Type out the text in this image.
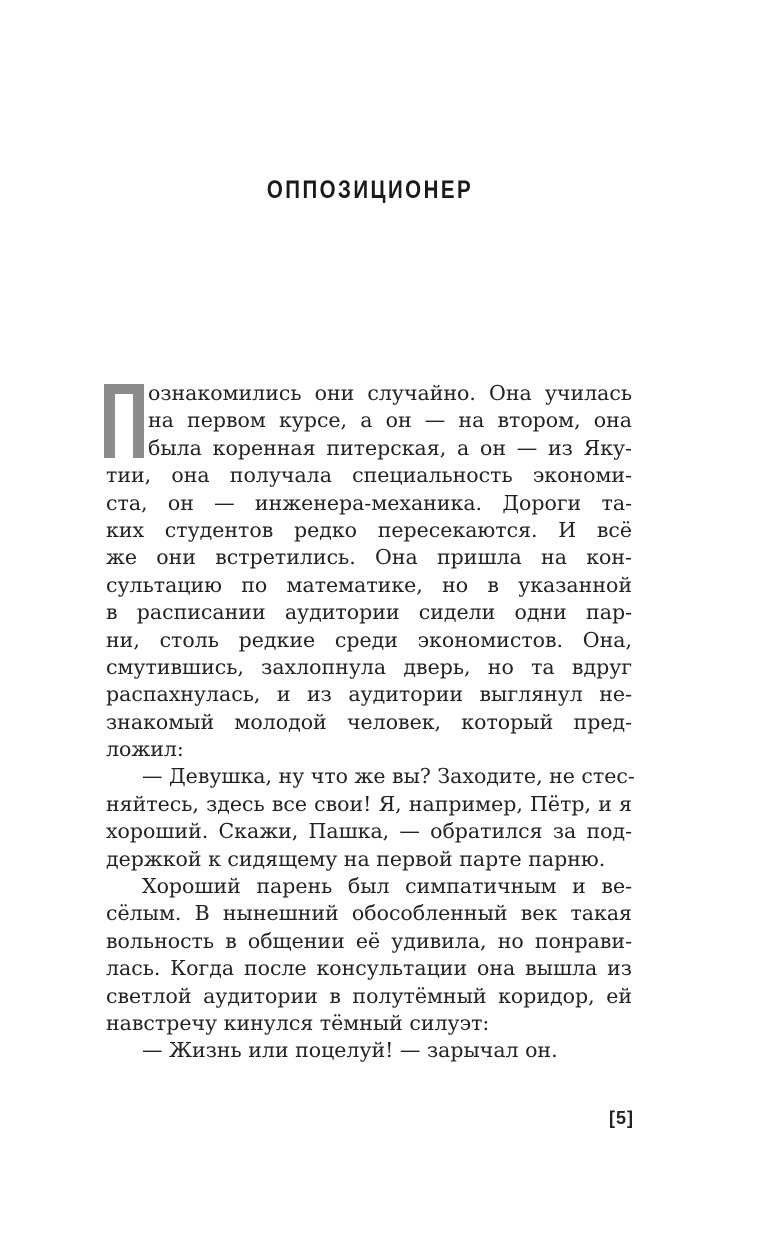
ОППОЗИЦИОНЕР
ознакомились они случайно. Она училась
на первом курсе, а он — на втором, она
была коренная питерская, а он — из Яку-
тии, она получала специальность экономи-
ста, он — инженера-механика. Дороги та-
ких студентов редко пересекаются. И всё
же они встретились. Она пришла на кон-
сультацию по математике, но в указанной
в расписании аудитории сидели одни пар-
ни, столь редкие среди экономистов. Она,
смутившись, захлопнула дверь, но та вдруг
распахнулась, и из аудитории выглянул не-
знакомый молодой человек, который пред-
ложил:
— Девушка, ну что же вы? Заходите, не стес-
няйтесь, здесь все свои! Я, например, Пётр, и я
хороший. Скажи, Пашка, — обратился за под-
держкой к сидящему на первой парте парню.
Хороший парень был симпатичным и ве-
сёлым. В нынешний обособленный век такая
вольность в общении её удивила, но понрави-
лась. Когда после консультации она вышла из
светлой аудитории в полутёмный коридор, ей
навстречу кинулся тёмный силуэт:
— Жизнь или поцелуй! — зарычал он.
[5]
